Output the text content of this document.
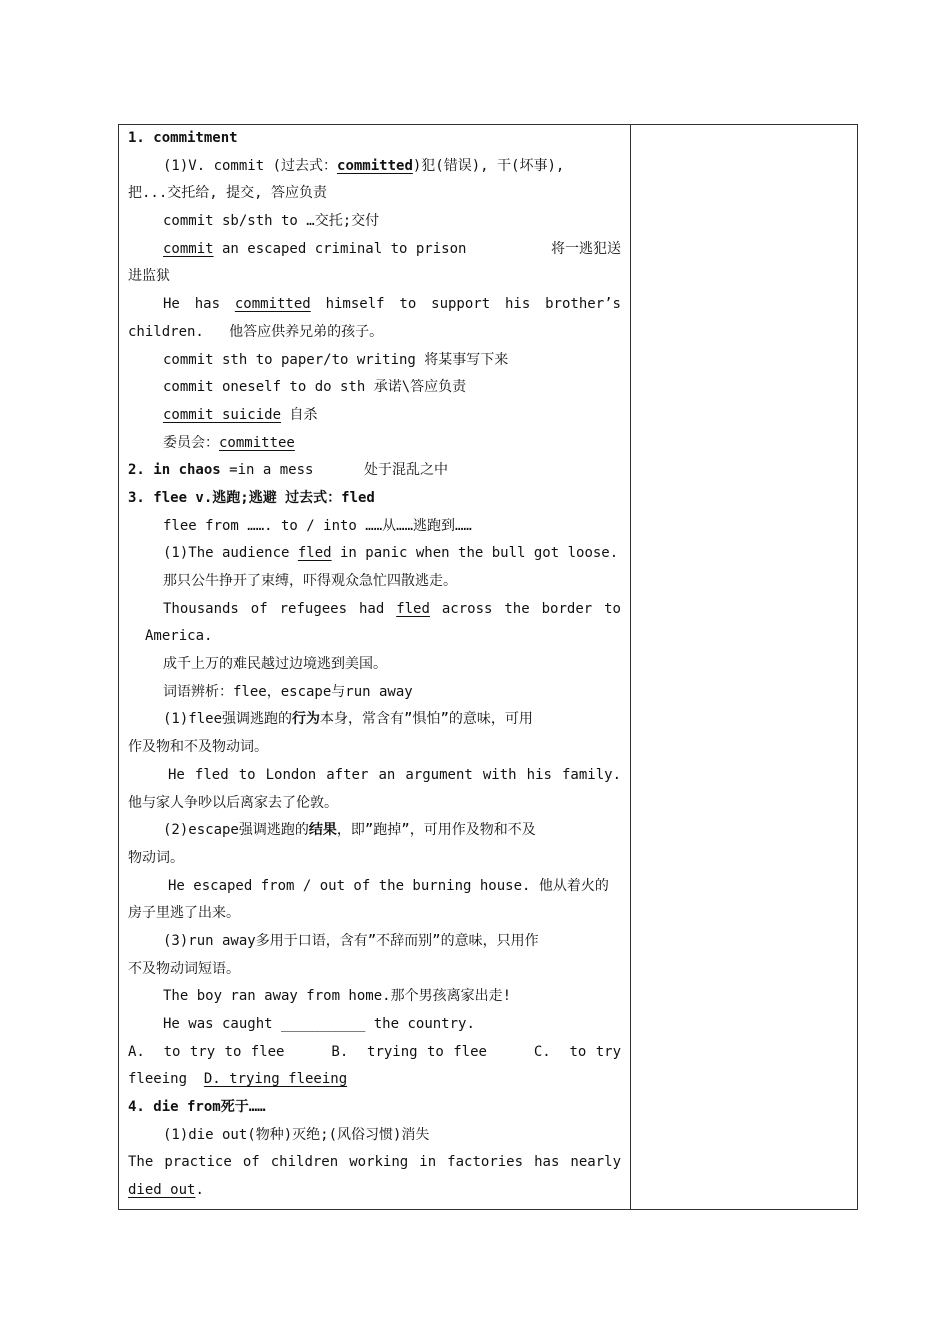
1. commitment
(1)V. commit (过去式：committed)犯(错误), 干(坏事),
把...交托给, 提交, 答应负责
commit sb/sth to …交托;交付
commit an escaped criminal to prison	将一逃犯送
进监狱
He has committed himself to support his brother’s
children.   他答应供养兄弟的孩子。
commit sth to paper/to writing 将某事写下来
commit oneself to do sth 承诺\答应负责
commit suicide 自杀
委员会：committee
2. in chaos =in a mess      处于混乱之中
3. flee v.逃跑;逃避 过去式：fled
flee from ……. to / into ……从……逃跑到……
(1)The audience fled in panic when the bull got loose.
那只公牛挣开了束缚，吓得观众急忙四散逃走。
Thousands of refugees had fled across the border to
America.
成千上万的难民越过边境逃到美国。
词语辨析：flee，escape与run away
(1)flee强调逃跑的行为本身，常含有”惧怕”的意味，可用
作及物和不及物动词。
He fled to London after an argument with his family.
他与家人争吵以后离家去了伦敦。
(2)escape强调逃跑的结果，即”跑掉”，可用作及物和不及
物动词。
He escaped from / out of the burning house. 他从着火的
房子里逃了出来。
(3)run away多用于口语，含有”不辞而别”的意味，只用作
不及物动词短语。
The boy ran away from home.那个男孩离家出走!
He was caught __________ the country.
A.  to try to flee     B.  trying to flee     C.  to try
fleeing  D. trying fleeing
4. die from死于……
(1)die out(物种)灭绝;(风俗习惯)消失
The practice of children working in factories has nearly
died out.
